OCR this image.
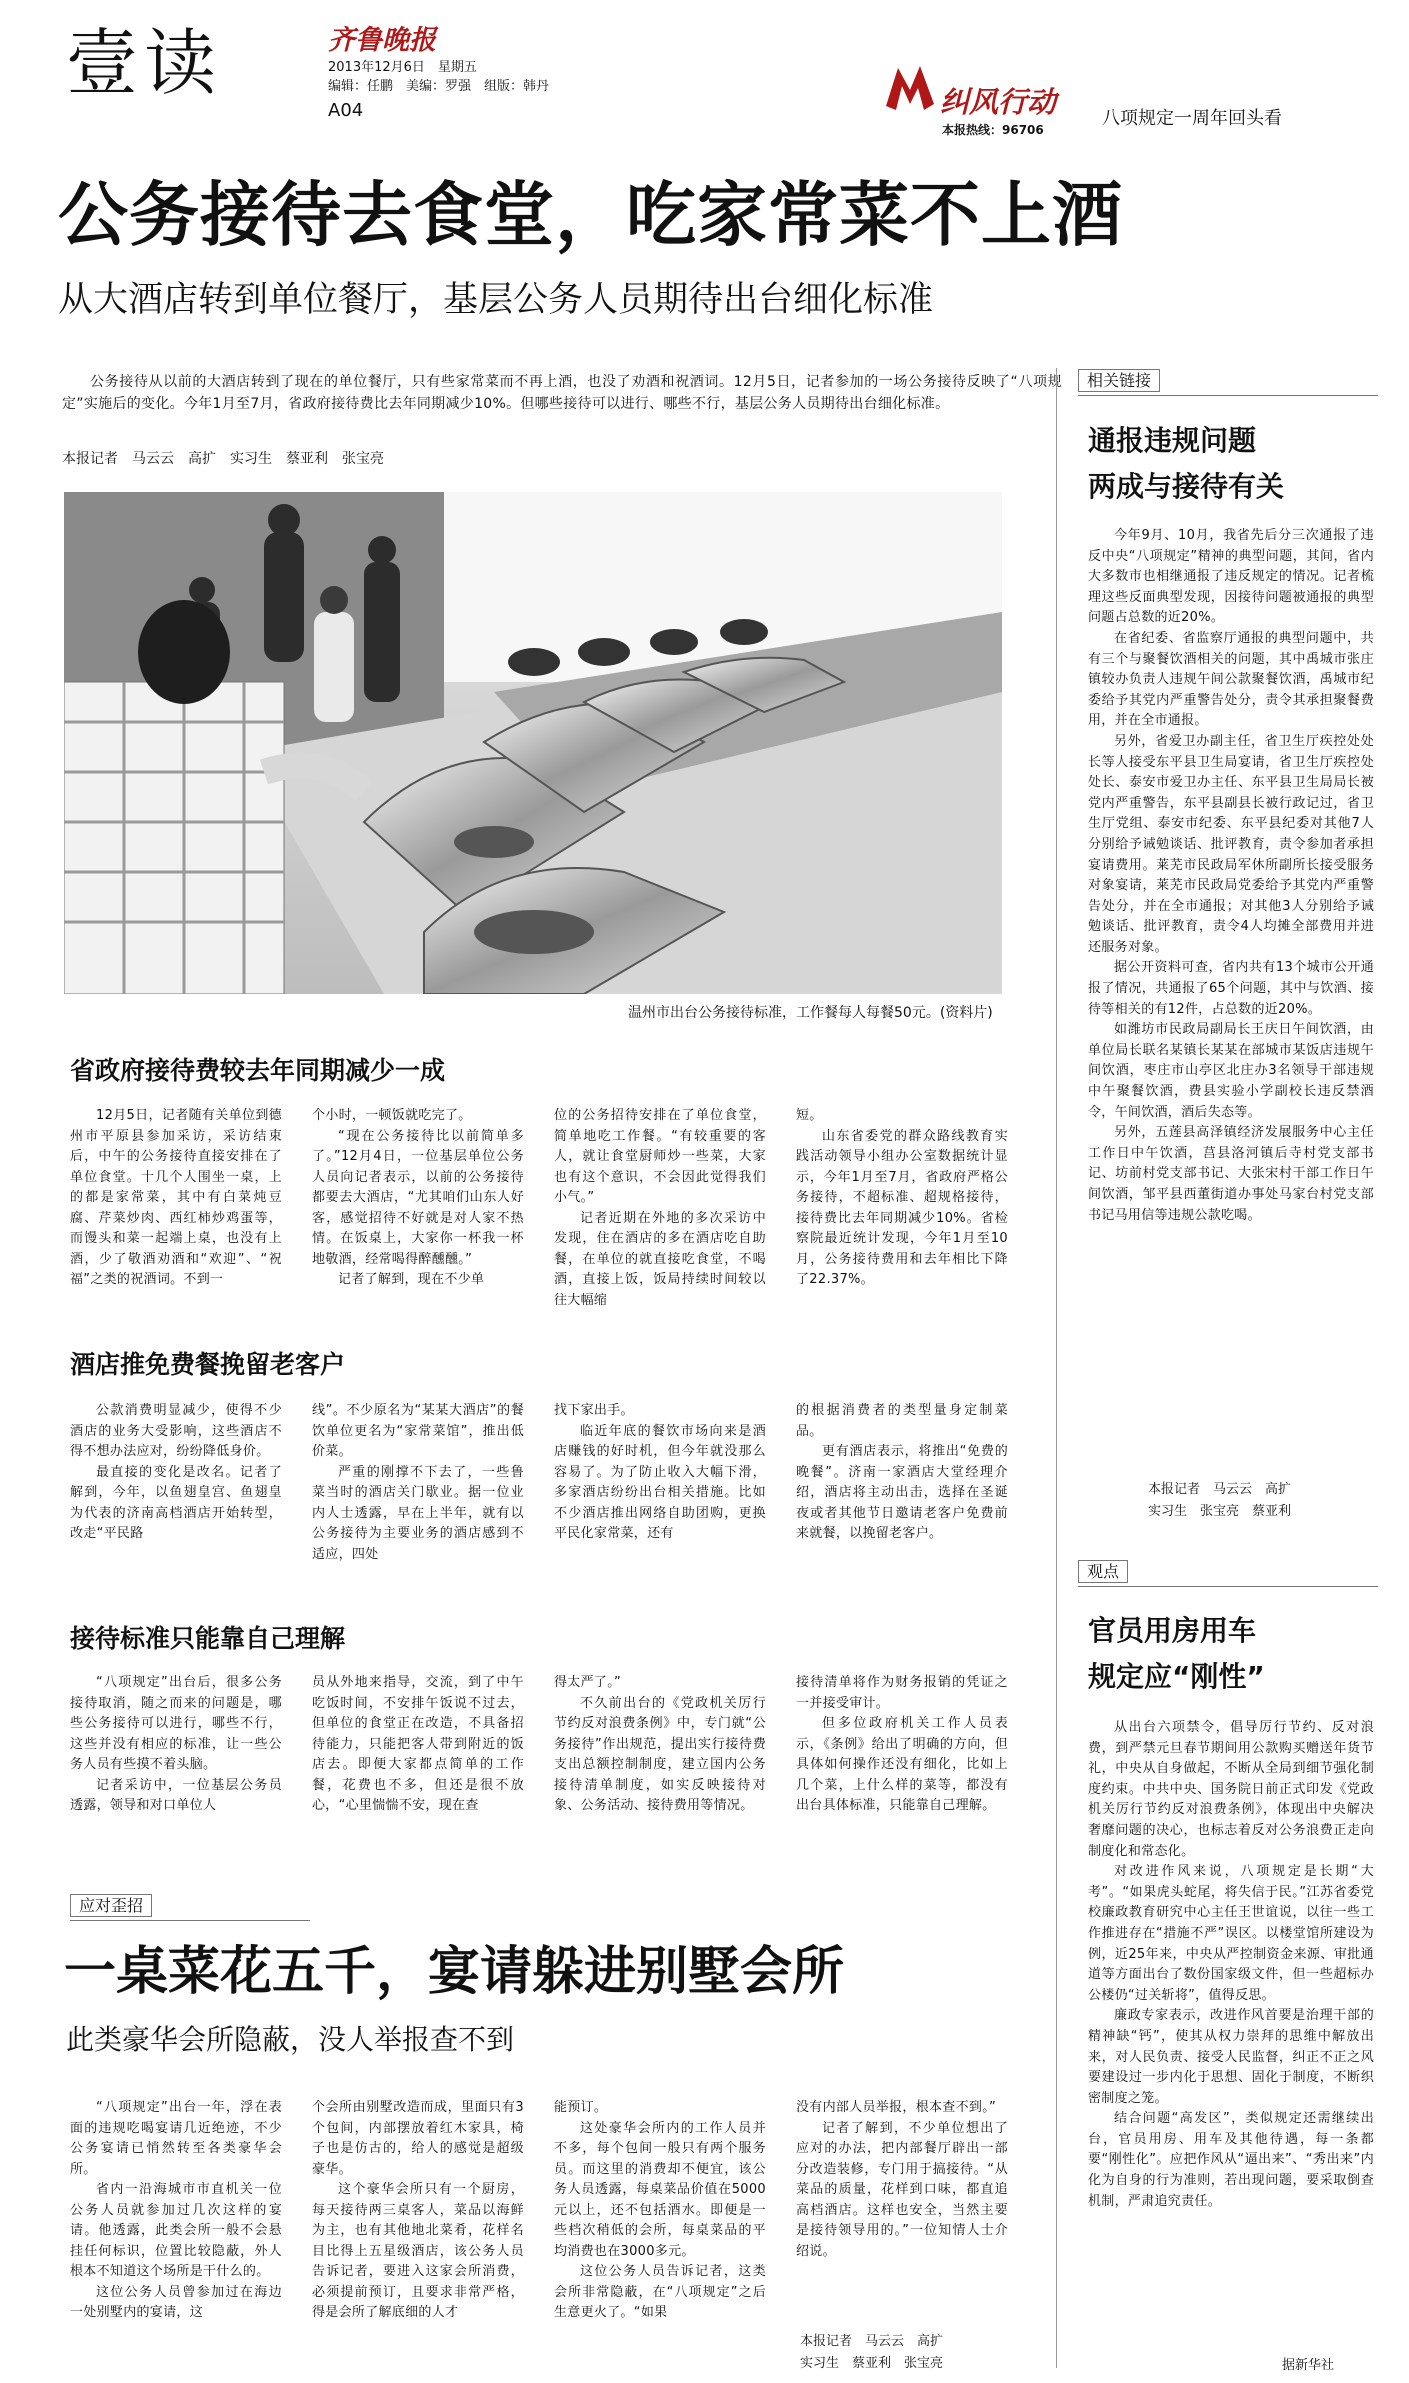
壹读	齐鲁晚报
2013年12月6日　星期五
编辑：任鹏　美编：罗强　组版：韩丹
A04	纠风行动
本报热线：96706
八项规定一周年回头看
公务接待去食堂，吃家常菜不上酒
从大酒店转到单位餐厅，基层公务人员期待出台细化标准

公务接待从以前的大酒店转到了现在的单位餐厅，只有些家常菜而不再上酒，也没了劝酒和祝酒词。12月5日，记者参加的一场公务接待反映了“八项规定”实施后的变化。今年1月至7月，省政府接待费比去年同期减少10%。但哪些接待可以进行、哪些不行，基层公务人员期待出台细化标准。

本报记者　马云云　高扩　实习生　蔡亚利　张宝亮
温州市出台公务接待标准，工作餐每人每餐50元。(资料片)
省政府接待费较去年同期减少一成

12月5日，记者随有关单位到德州市平原县参加采访，采访结束后，中午的公务接待直接安排在了单位食堂。十几个人围坐一桌，上的都是家常菜，其中有白菜炖豆腐、芹菜炒肉、西红柿炒鸡蛋等，而馒头和菜一起端上桌，也没有上酒，少了敬酒劝酒和“欢迎”、“祝福”之类的祝酒词。不到一

个小时，一顿饭就吃完了。

“现在公务接待比以前简单多了。”12月4日，一位基层单位公务人员向记者表示，以前的公务接待都要去大酒店，“尤其咱们山东人好客，感觉招待不好就是对人家不热情。在饭桌上，大家你一杯我一杯地敬酒，经常喝得醉醺醺。”

记者了解到，现在不少单

位的公务招待安排在了单位食堂，简单地吃工作餐。“有较重要的客人，就让食堂厨师炒一些菜，大家也有这个意识，不会因此觉得我们小气。”

记者近期在外地的多次采访中发现，住在酒店的多在酒店吃自助餐，在单位的就直接吃食堂，不喝酒，直接上饭，饭局持续时间较以往大幅缩

短。

山东省委党的群众路线教育实践活动领导小组办公室数据统计显示，今年1月至7月，省政府严格公务接待，不超标准、超规格接待，接待费比去年同期减少10%。省检察院最近统计发现，今年1月至10月，公务接待费用和去年相比下降了22.37%。

酒店推免费餐挽留老客户

公款消费明显减少，使得不少酒店的业务大受影响，这些酒店不得不想办法应对，纷纷降低身价。

最直接的变化是改名。记者了解到，今年，以鱼翅皇宫、鱼翅皇为代表的济南高档酒店开始转型，改走“平民路

线”。不少原名为“某某大酒店”的餐饮单位更名为“家常菜馆”，推出低价菜。

严重的刚撑不下去了，一些鲁菜当时的酒店关门歇业。据一位业内人士透露，早在上半年，就有以公务接待为主要业务的酒店感到不适应，四处

找下家出手。

临近年底的餐饮市场向来是酒店赚钱的好时机，但今年就没那么容易了。为了防止收入大幅下滑，多家酒店纷纷出台相关措施。比如不少酒店推出网络自助团购，更换平民化家常菜，还有

的根据消费者的类型量身定制菜品。

更有酒店表示，将推出“免费的晚餐”。济南一家酒店大堂经理介绍，酒店将主动出击，选择在圣诞夜或者其他节日邀请老客户免费前来就餐，以挽留老客户。

接待标准只能靠自己理解

“八项规定”出台后，很多公务接待取消，随之而来的问题是，哪些公务接待可以进行，哪些不行，这些并没有相应的标准，让一些公务人员有些摸不着头脑。

记者采访中，一位基层公务员透露，领导和对口单位人

员从外地来指导，交流，到了中午吃饭时间，不安排午饭说不过去，但单位的食堂正在改造，不具备招待能力，只能把客人带到附近的饭店去。即便大家都点简单的工作餐，花费也不多，但还是很不放心，“心里惴惴不安，现在查

得太严了。”

不久前出台的《党政机关厉行节约反对浪费条例》中，专门就“公务接待”作出规范，提出实行接待费支出总额控制制度，建立国内公务接待清单制度，如实反映接待对象、公务活动、接待费用等情况。

接待清单将作为财务报销的凭证之一并接受审计。

但多位政府机关工作人员表示，《条例》给出了明确的方向，但具体如何操作还没有细化，比如上几个菜，上什么样的菜等，都没有出台具体标准，只能靠自己理解。

应对歪招
一桌菜花五千，宴请躲进别墅会所
此类豪华会所隐蔽，没人举报查不到

“八项规定”出台一年，浮在表面的违规吃喝宴请几近绝迹，不少公务宴请已悄然转至各类豪华会所。

省内一沿海城市市直机关一位公务人员就参加过几次这样的宴请。他透露，此类会所一般不会悬挂任何标识，位置比较隐蔽，外人根本不知道这个场所是干什么的。

这位公务人员曾参加过在海边一处别墅内的宴请，这

个会所由别墅改造而成，里面只有3个包间，内部摆放着红木家具，椅子也是仿古的，给人的感觉是超级豪华。

这个豪华会所只有一个厨房，每天接待两三桌客人，菜品以海鲜为主，也有其他地北菜肴，花样名目比得上五星级酒店，该公务人员告诉记者，要进入这家会所消费，必须提前预订，且要求非常严格，得是会所了解底细的人才

能预订。

这处豪华会所内的工作人员并不多，每个包间一般只有两个服务员。而这里的消费却不便宜，该公务人员透露，每桌菜品价值在5000元以上，还不包括酒水。即便是一些档次稍低的会所，每桌菜品的平均消费也在3000多元。

这位公务人员告诉记者，这类会所非常隐蔽，在“八项规定”之后生意更火了。“如果

没有内部人员举报，根本查不到。”

记者了解到，不少单位想出了应对的办法，把内部餐厅辟出一部分改造装修，专门用于搞接待。“从菜品的质量，花样到口味，都直追高档酒店。这样也安全，当然主要是接待领导用的。”一位知情人士介绍说。

本报记者　马云云　高扩
实习生　蔡亚利　张宝亮
相关链接
通报违规问题
两成与接待有关

今年9月、10月，我省先后分三次通报了违反中央“八项规定”精神的典型问题，其间，省内大多数市也相继通报了违反规定的情况。记者梳理这些反面典型发现，因接待问题被通报的典型问题占总数的近20%。

在省纪委、省监察厅通报的典型问题中，共有三个与聚餐饮酒相关的问题，其中禹城市张庄镇较办负责人违规午间公款聚餐饮酒，禹城市纪委给予其党内严重警告处分，责令其承担聚餐费用，并在全市通报。

另外，省爱卫办副主任，省卫生厅疾控处处长等人接受东平县卫生局宴请，省卫生厅疾控处处长、泰安市爱卫办主任、东平县卫生局局长被党内严重警告，东平县副县长被行政记过，省卫生厅党组、泰安市纪委、东平县纪委对其他7人分别给予诫勉谈话、批评教育，责令参加者承担宴请费用。莱芜市民政局军休所副所长接受服务对象宴请，莱芜市民政局党委给予其党内严重警告处分，并在全市通报；对其他3人分别给予诫勉谈话、批评教育，责令4人均摊全部费用并进还服务对象。

据公开资料可查，省内共有13个城市公开通报了情况，共通报了65个问题，其中与饮酒、接待等相关的有12件，占总数的近20%。

如潍坊市民政局副局长王庆日午间饮酒，由单位局长联名某镇长某某在部城市某饭店违规午间饮酒，枣庄市山亭区北庄办3名领导干部违规中午聚餐饮酒，费县实验小学副校长违反禁酒令，午间饮酒，酒后失态等。

另外，五莲县高泽镇经济发展服务中心主任工作日中午饮酒，莒县洛河镇后寺村党支部书记、坊前村党支部书记、大张宋村干部工作日午间饮酒，邹平县西董街道办事处马家台村党支部书记马用信等违规公款吃喝。

本报记者　马云云　高扩
实习生　张宝亮　蔡亚利
观点
官员用房用车
规定应“刚性”

从出台六项禁令，倡导厉行节约、反对浪费，到严禁元旦春节期间用公款购买赠送年货节礼，中央从自身做起，不断从全局到细节强化制度约束。中共中央、国务院日前正式印发《党政机关厉行节约反对浪费条例》，体现出中央解决奢靡问题的决心，也标志着反对公务浪费正走向制度化和常态化。

对改进作风来说，八项规定是长期“大考”。“如果虎头蛇尾，将失信于民。”江苏省委党校廉政教育研究中心主任王世谊说，以往一些工作推进存在“措施不严”误区。以楼堂馆所建设为例，近25年来，中央从严控制资金来源、审批通道等方面出台了数份国家级文件，但一些超标办公楼仍“过关斩将”，值得反思。

廉政专家表示，改进作风首要是治理干部的精神缺“钙”，使其从权力崇拜的思维中解放出来，对人民负责、接受人民监督，纠正不正之风要建设过一步内化于思想、固化于制度，不断织密制度之笼。

结合问题“高发区”，类似规定还需继续出台，官员用房、用车及其他待遇，每一条都要“刚性化”。应把作风从“逼出来”、“秀出来”内化为自身的行为准则，若出现问题，要采取倒查机制，严肃追究责任。

据新华社
